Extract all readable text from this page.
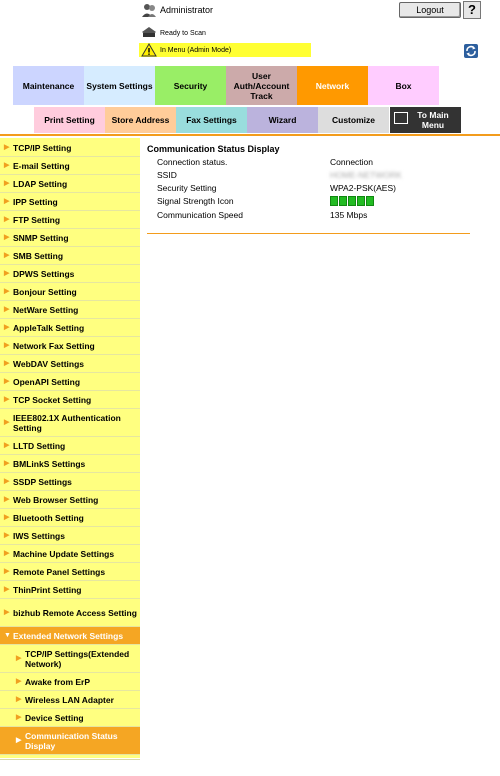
Administrator	Logout	?
Ready to Scan
In Menu (Admin Mode)
Maintenance	System Settings	Security
User Auth/Account Track
Network	Box
Print Setting	Store Address	Fax Settings	Wizard	Customize	To Main Menu
▶ TCP/IP Setting
▶ E-mail Setting
▶ LDAP Setting
▶ IPP Setting
▶ FTP Setting
▶ SNMP Setting
▶ SMB Setting
▶ DPWS Settings
▶ Bonjour Setting
▶ NetWare Setting
▶ AppleTalk Setting
▶ Network Fax Setting
▶ WebDAV Settings
▶ OpenAPI Setting
▶ TCP Socket Setting
▶ IEEE802.1X Authentication Setting
▶ LLTD Setting
▶ BMLinkS Settings
▶ SSDP Settings
▶ Web Browser Setting
▶ Bluetooth Setting
▶ IWS Settings
▶ Machine Update Settings
▶ Remote Panel Settings
▶ ThinPrint Setting
▶ bizhub Remote Access Setting
▼ Extended Network Settings
▶ TCP/IP Settings(Extended Network)
▶ Awake from ErP
▶ Wireless LAN Adapter
▶ Device Setting
▶ Communication Status Display
Communication Status Display
Connection status.	Connection
SSID	HOME-NETWORK
Security Setting	WPA2-PSK(AES)
Signal Strength Icon
Communication Speed	135 Mbps
